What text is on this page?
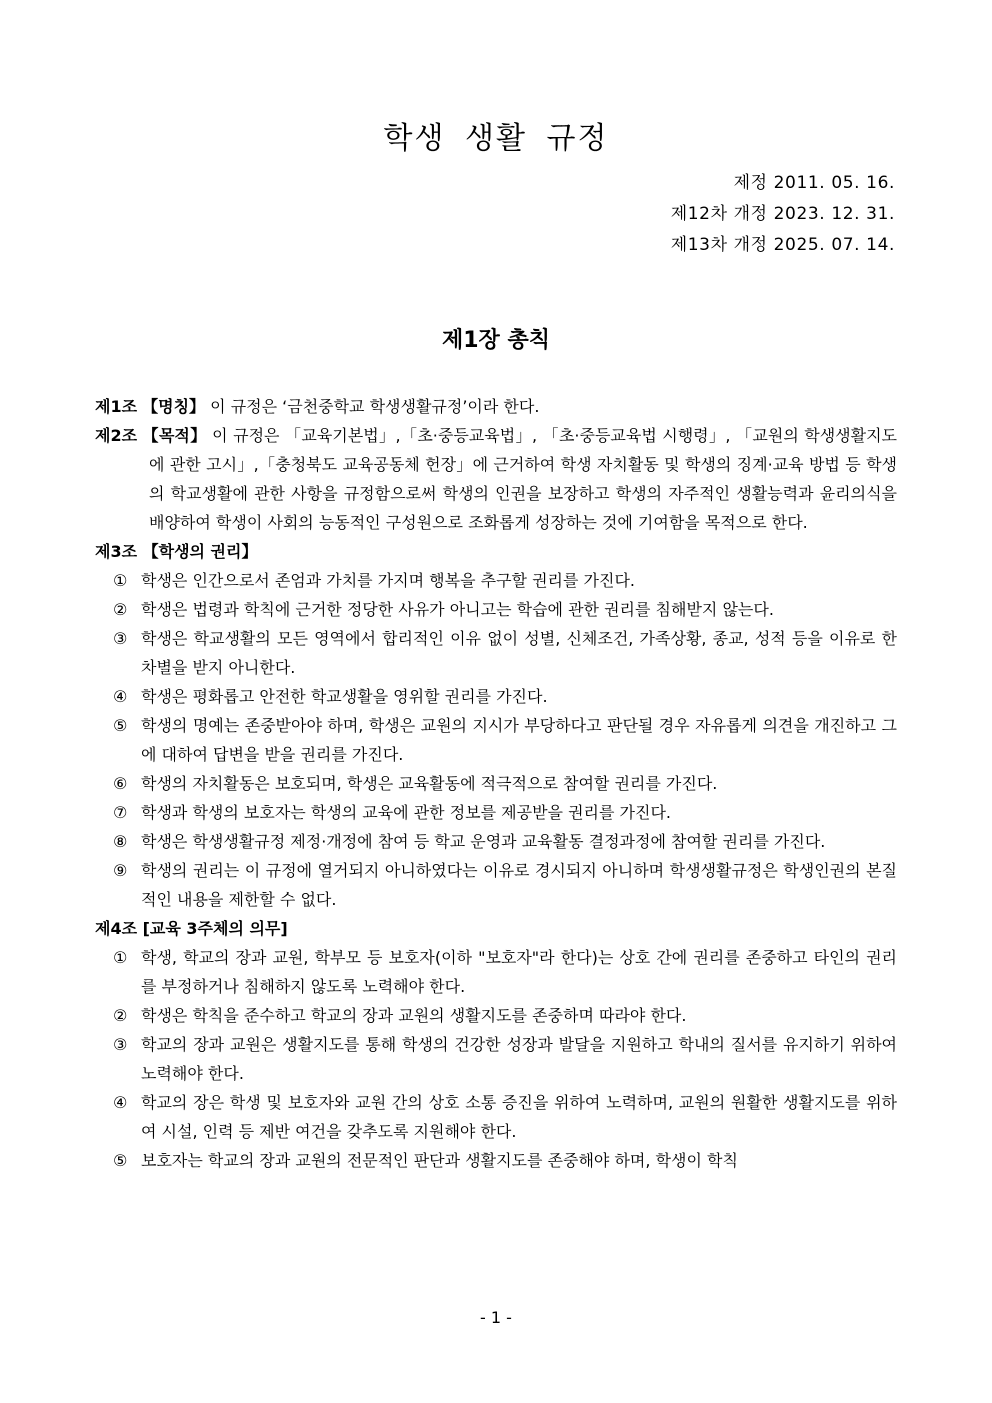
학생 생활 규정
제정 2011. 05. 16.
제12차 개정 2023. 12. 31.
제13차 개정 2025. 07. 14.
제1장 총칙
제1조 【명칭】 이 규정은 ‘금천중학교 학생생활규정’이라 한다.
제2조 【목적】 이 규정은 「교육기본법」,「초·중등교육법」, 「초·중등교육법 시행령」, 「교원의 학생생활지도에 관한 고시」,「충청북도 교육공동체 헌장」에 근거하여 학생 자치활동 및 학생의 징계·교육 방법 등 학생의 학교생활에 관한 사항을 규정함으로써 학생의 인권을 보장하고 학생의 자주적인 생활능력과 윤리의식을 배양하여 학생이 사회의 능동적인 구성원으로 조화롭게 성장하는 것에 기여함을 목적으로 한다.
제3조 【학생의 권리】
① 학생은 인간으로서 존엄과 가치를 가지며 행복을 추구할 권리를 가진다.
② 학생은 법령과 학칙에 근거한 정당한 사유가 아니고는 학습에 관한 권리를 침해받지 않는다.
③ 학생은 학교생활의 모든 영역에서 합리적인 이유 없이 성별, 신체조건, 가족상황, 종교, 성적 등을 이유로 한 차별을 받지 아니한다.
④ 학생은 평화롭고 안전한 학교생활을 영위할 권리를 가진다.
⑤ 학생의 명예는 존중받아야 하며, 학생은 교원의 지시가 부당하다고 판단될 경우 자유롭게 의견을 개진하고 그에 대하여 답변을 받을 권리를 가진다.
⑥ 학생의 자치활동은 보호되며, 학생은 교육활동에 적극적으로 참여할 권리를 가진다.
⑦ 학생과 학생의 보호자는 학생의 교육에 관한 정보를 제공받을 권리를 가진다.
⑧ 학생은 학생생활규정 제정·개정에 참여 등 학교 운영과 교육활동 결정과정에 참여할 권리를 가진다.
⑨ 학생의 권리는 이 규정에 열거되지 아니하였다는 이유로 경시되지 아니하며 학생생활규정은 학생인권의 본질적인 내용을 제한할 수 없다.
제4조 [교육 3주체의 의무]
① 학생, 학교의 장과 교원, 학부모 등 보호자(이하 "보호자"라 한다)는 상호 간에 권리를 존중하고 타인의 권리를 부정하거나 침해하지 않도록 노력해야 한다.
② 학생은 학칙을 준수하고 학교의 장과 교원의 생활지도를 존중하며 따라야 한다.
③ 학교의 장과 교원은 생활지도를 통해 학생의 건강한 성장과 발달을 지원하고 학내의 질서를 유지하기 위하여 노력해야 한다.
④ 학교의 장은 학생 및 보호자와 교원 간의 상호 소통 증진을 위하여 노력하며, 교원의 원활한 생활지도를 위하여 시설, 인력 등 제반 여건을 갖추도록 지원해야 한다.
⑤ 보호자는 학교의 장과 교원의 전문적인 판단과 생활지도를 존중해야 하며, 학생이 학칙
- 1 -
